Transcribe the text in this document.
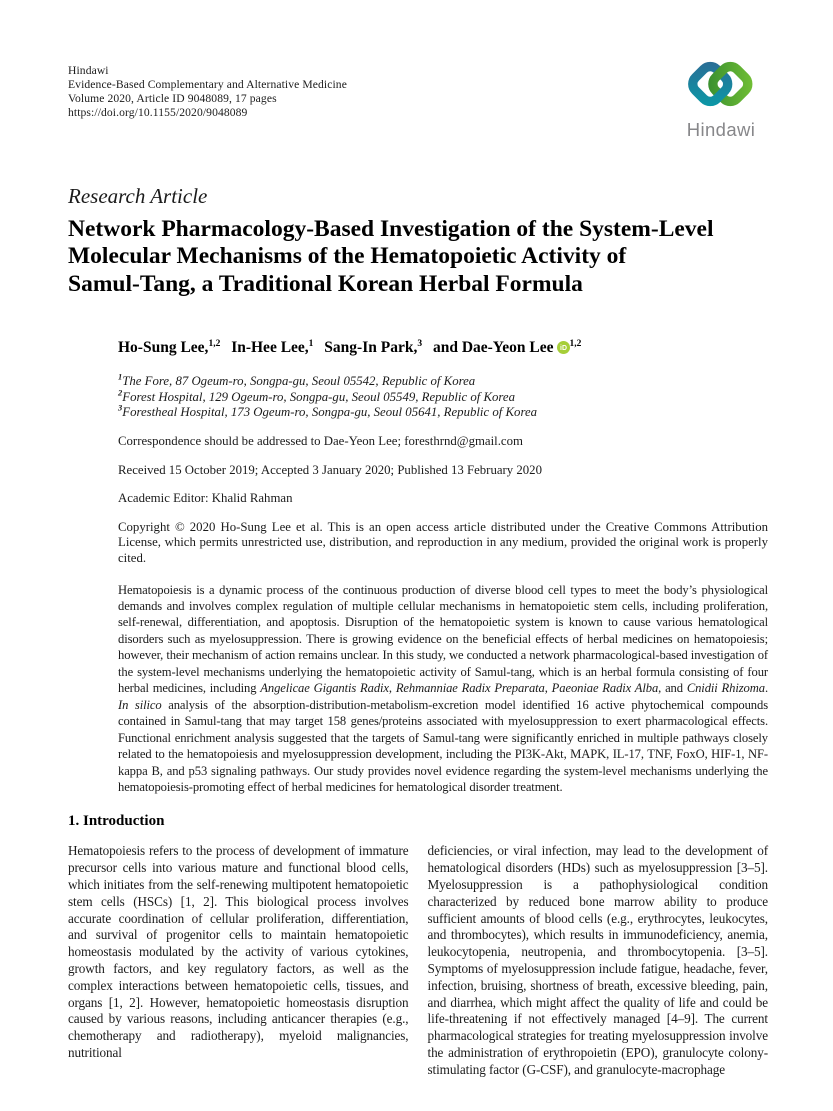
Hindawi
Evidence-Based Complementary and Alternative Medicine
Volume 2020, Article ID 9048089, 17 pages
https://doi.org/10.1155/2020/9048089
Hindawi
Research Article
Network Pharmacology-Based Investigation of the System-Level
Molecular Mechanisms of the Hematopoietic Activity of
Samul-Tang, a Traditional Korean Herbal Formula
Ho-Sung Lee,$^{1,2}$ In-Hee Lee,$^1$ Sang-In Park,$^3$ and Dae-Yeon Lee iD $^{1,2}$
$^1$The Fore, 87 Ogeum-ro, Songpa-gu, Seoul 05542, Republic of Korea
$^2$Forest Hospital, 129 Ogeum-ro, Songpa-gu, Seoul 05549, Republic of Korea
$^3$Forestheal Hospital, 173 Ogeum-ro, Songpa-gu, Seoul 05641, Republic of Korea
Correspondence should be addressed to Dae-Yeon Lee; foresthrnd@gmail.com
Received 15 October 2019; Accepted 3 January 2020; Published 13 February 2020
Academic Editor: Khalid Rahman
Copyright © 2020 Ho-Sung Lee et al. This is an open access article distributed under the Creative Commons Attribution License, which permits unrestricted use, distribution, and reproduction in any medium, provided the original work is properly cited.
Hematopoiesis is a dynamic process of the continuous production of diverse blood cell types to meet the body’s physiological demands and involves complex regulation of multiple cellular mechanisms in hematopoietic stem cells, including proliferation, self-renewal, differentiation, and apoptosis. Disruption of the hematopoietic system is known to cause various hematological disorders such as myelosuppression. There is growing evidence on the beneficial effects of herbal medicines on hematopoiesis; however, their mechanism of action remains unclear. In this study, we conducted a network pharmacological-based investigation of the system-level mechanisms underlying the hematopoietic activity of Samul-tang, which is an herbal formula consisting of four herbal medicines, including Angelicae Gigantis Radix, Rehmanniae Radix Preparata, Paeoniae Radix Alba, and Cnidii Rhizoma. In silico analysis of the absorption-distribution-metabolism-excretion model identified 16 active phytochemical compounds contained in Samul-tang that may target 158 genes/proteins associated with myelosuppression to exert pharmacological effects. Functional enrichment analysis suggested that the targets of Samul-tang were significantly enriched in multiple pathways closely related to the hematopoiesis and myelosuppression development, including the PI3K-Akt, MAPK, IL-17, TNF, FoxO, HIF-1, NF-kappa B, and p53 signaling pathways. Our study provides novel evidence regarding the system-level mechanisms underlying the hematopoiesis-promoting effect of herbal medicines for hematological disorder treatment.
1. Introduction
Hematopoiesis refers to the process of development of immature precursor cells into various mature and functional blood cells, which initiates from the self-renewing multipotent hematopoietic stem cells (HSCs) [1, 2]. This biological process involves accurate coordination of cellular proliferation, differentiation, and survival of progenitor cells to maintain hematopoietic homeostasis modulated by the activity of various cytokines, growth factors, and key regulatory factors, as well as the complex interactions between hematopoietic cells, tissues, and organs [1, 2]. However, hematopoietic homeostasis disruption caused by various reasons, including anticancer therapies (e.g., chemotherapy and radiotherapy), myeloid malignancies, nutritional
deficiencies, or viral infection, may lead to the development of hematological disorders (HDs) such as myelosuppression [3–5]. Myelosuppression is a pathophysiological condition characterized by reduced bone marrow ability to produce sufficient amounts of blood cells (e.g., erythrocytes, leukocytes, and thrombocytes), which results in immunodeficiency, anemia, leukocytopenia, neutropenia, and thrombocytopenia. [3–5]. Symptoms of myelosuppression include fatigue, headache, fever, infection, bruising, shortness of breath, excessive bleeding, pain, and diarrhea, which might affect the quality of life and could be life-threatening if not effectively managed [4–9]. The current pharmacological strategies for treating myelosuppression involve the administration of erythropoietin (EPO), granulocyte colony-stimulating factor (G-CSF), and granulocyte-macrophage
